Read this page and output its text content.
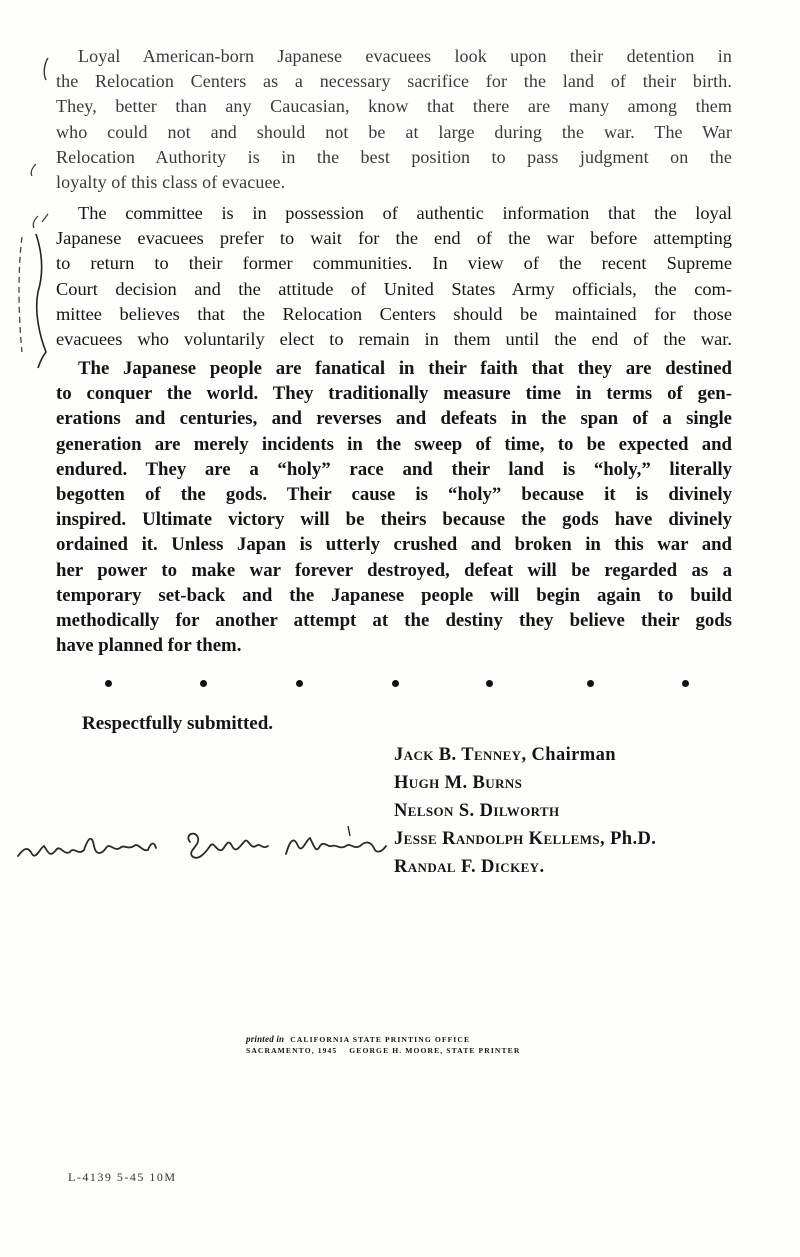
Loyal American-born Japanese evacuees look upon their detention in
the Relocation Centers as a necessary sacrifice for the land of their birth.
They, better than any Caucasian, know that there are many among them
who could not and should not be at large during the war. The War
Relocation Authority is in the best position to pass judgment on the
loyalty of this class of evacuee.
The committee is in possession of authentic information that the loyal
Japanese evacuees prefer to wait for the end of the war before attempting
to return to their former communities. In view of the recent Supreme
Court decision and the attitude of United States Army officials, the com-
mittee believes that the Relocation Centers should be maintained for those
evacuees who voluntarily elect to remain in them until the end of the war.
The Japanese people are fanatical in their faith that they are destined
to conquer the world. They traditionally measure time in terms of gen-
erations and centuries, and reverses and defeats in the span of a single
generation are merely incidents in the sweep of time, to be expected and
endured. They are a “holy” race and their land is “holy,” literally
begotten of the gods. Their cause is “holy” because it is divinely
inspired. Ultimate victory will be theirs because the gods have divinely
ordained it. Unless Japan is utterly crushed and broken in this war and
her power to make war forever destroyed, defeat will be regarded as a
temporary set-back and the Japanese people will begin again to build
methodically for another attempt at the destiny they believe their gods
have planned for them.
Respectfully submitted.
Jack B. Tenney, Chairman
Hugh M. Burns
Nelson S. Dilworth
Jesse Randolph Kellems, Ph.D.
Randal F. Dickey.
printed in CALIFORNIA STATE PRINTING OFFICE
SACRAMENTO, 1945 GEORGE H. MOORE, STATE PRINTER
L-4139 5-45 10M
